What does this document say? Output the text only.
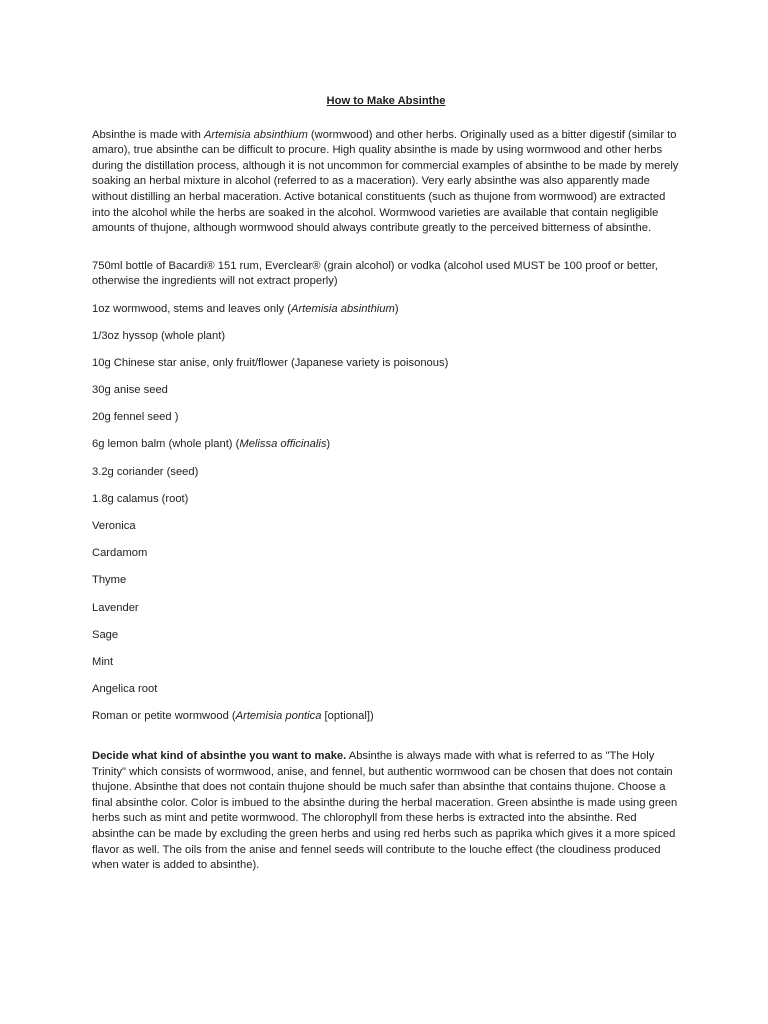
How to Make Absinthe

Absinthe is made with Artemisia absinthium (wormwood) and other herbs. Originally used as a bitter digestif (similar to amaro), true absinthe can be difficult to procure. High quality absinthe is made by using wormwood and other herbs during the distillation process, although it is not uncommon for commercial examples of absinthe to be made by merely soaking an herbal mixture in alcohol (referred to as a maceration). Very early absinthe was also apparently made without distilling an herbal maceration. Active botanical constituents (such as thujone from wormwood) are extracted into the alcohol while the herbs are soaked in the alcohol. Wormwood varieties are available that contain negligible amounts of thujone, although wormwood should always contribute greatly to the perceived bitterness of absinthe.

750ml bottle of Bacardi® 151 rum, Everclear® (grain alcohol) or vodka (alcohol used MUST be 100 proof or better, otherwise the ingredients will not extract properly)
1oz wormwood, stems and leaves only (Artemisia absinthium)
1/3oz hyssop (whole plant)
10g Chinese star anise, only fruit/flower (Japanese variety is poisonous)
30g anise seed
20g fennel seed )
6g lemon balm (whole plant) (Melissa officinalis)
3.2g coriander (seed)
1.8g calamus (root)
Veronica
Cardamom
Thyme
Lavender
Sage
Mint
Angelica root
Roman or petite wormwood (Artemisia pontica [optional])

Decide what kind of absinthe you want to make. Absinthe is always made with what is referred to as "The Holy Trinity" which consists of wormwood, anise, and fennel, but authentic wormwood can be chosen that does not contain thujone. Absinthe that does not contain thujone should be much safer than absinthe that contains thujone. Choose a final absinthe color. Color is imbued to the absinthe during the herbal maceration. Green absinthe is made using green herbs such as mint and petite wormwood. The chlorophyll from these herbs is extracted into the absinthe. Red absinthe can be made by excluding the green herbs and using red herbs such as paprika which gives it a more spiced flavor as well. The oils from the anise and fennel seeds will contribute to the louche effect (the cloudiness produced when water is added to absinthe).
